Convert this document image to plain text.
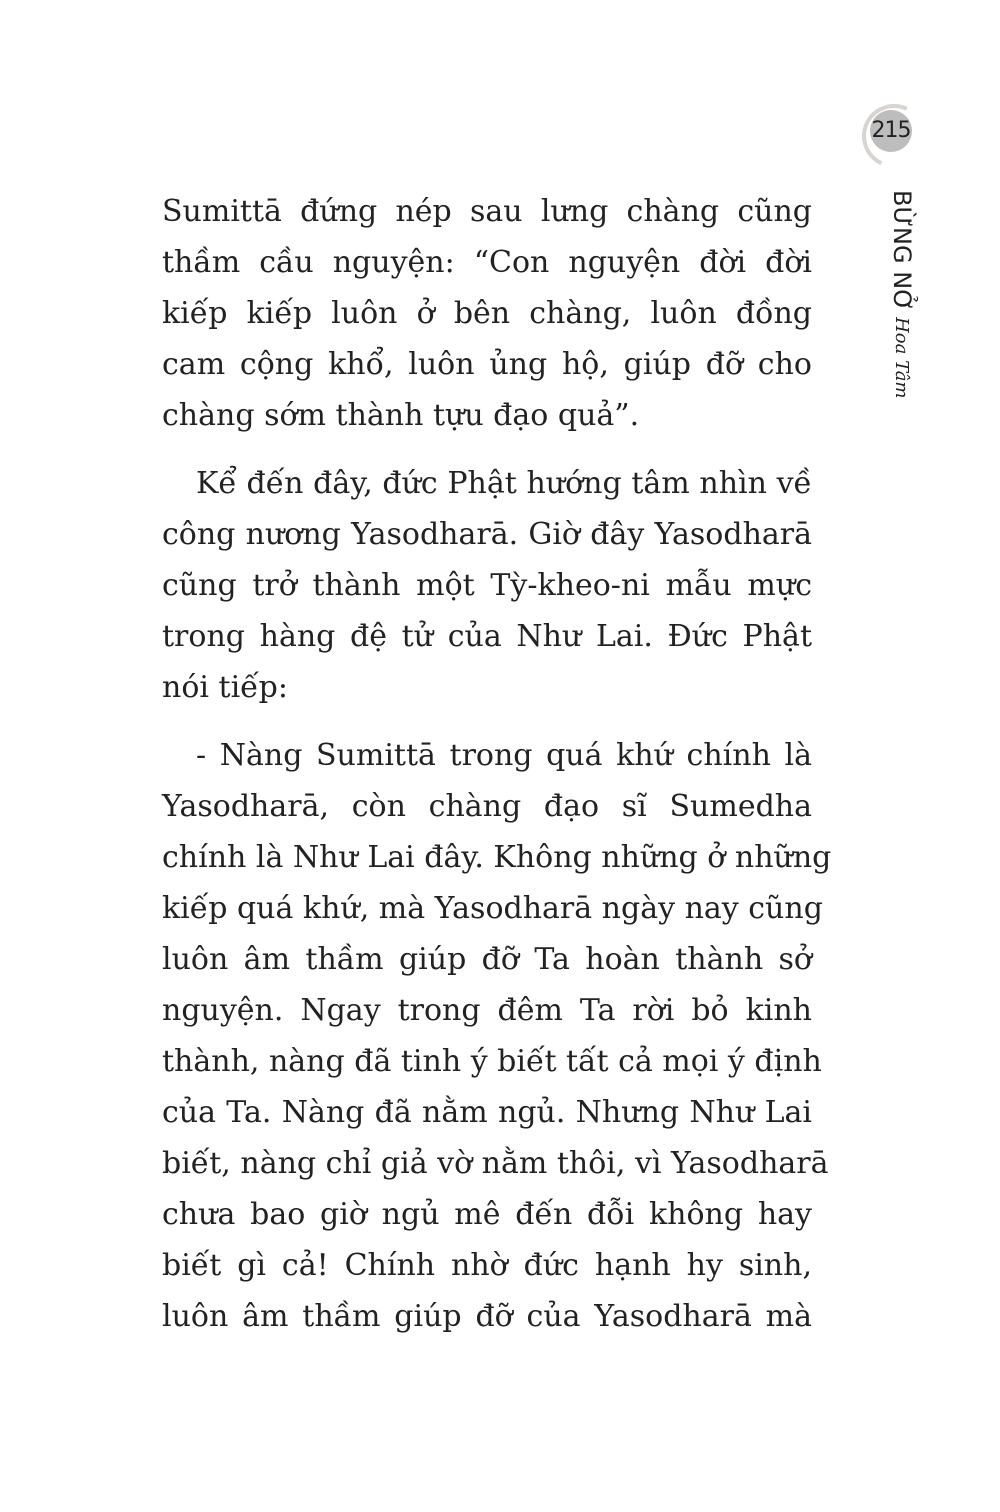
215
BỪNG NỞ
Hoa Tâm
Sumittā đứng nép sau lưng chàng cũng
thầm cầu nguyện: “Con nguyện đời đời
kiếp kiếp luôn ở bên chàng, luôn đồng
cam cộng khổ, luôn ủng hộ, giúp đỡ cho
chàng sớm thành tựu đạo quả”.
Kể đến đây, đức Phật hướng tâm nhìn về
công nương Yasodharā. Giờ đây Yasodharā
cũng trở thành một Tỳ-kheo-ni mẫu mực
trong hàng đệ tử của Như Lai. Đức Phật
nói tiếp:
- Nàng Sumittā trong quá khứ chính là
Yasodharā, còn chàng đạo sĩ Sumedha
chính là Như Lai đây. Không những ở những
kiếp quá khứ, mà Yasodharā ngày nay cũng
luôn âm thầm giúp đỡ Ta hoàn thành sở
nguyện. Ngay trong đêm Ta rời bỏ kinh
thành, nàng đã tinh ý biết tất cả mọi ý định
của Ta. Nàng đã nằm ngủ. Nhưng Như Lai
biết, nàng chỉ giả vờ nằm thôi, vì Yasodharā
chưa bao giờ ngủ mê đến đỗi không hay
biết gì cả! Chính nhờ đức hạnh hy sinh,
luôn âm thầm giúp đỡ của Yasodharā mà
